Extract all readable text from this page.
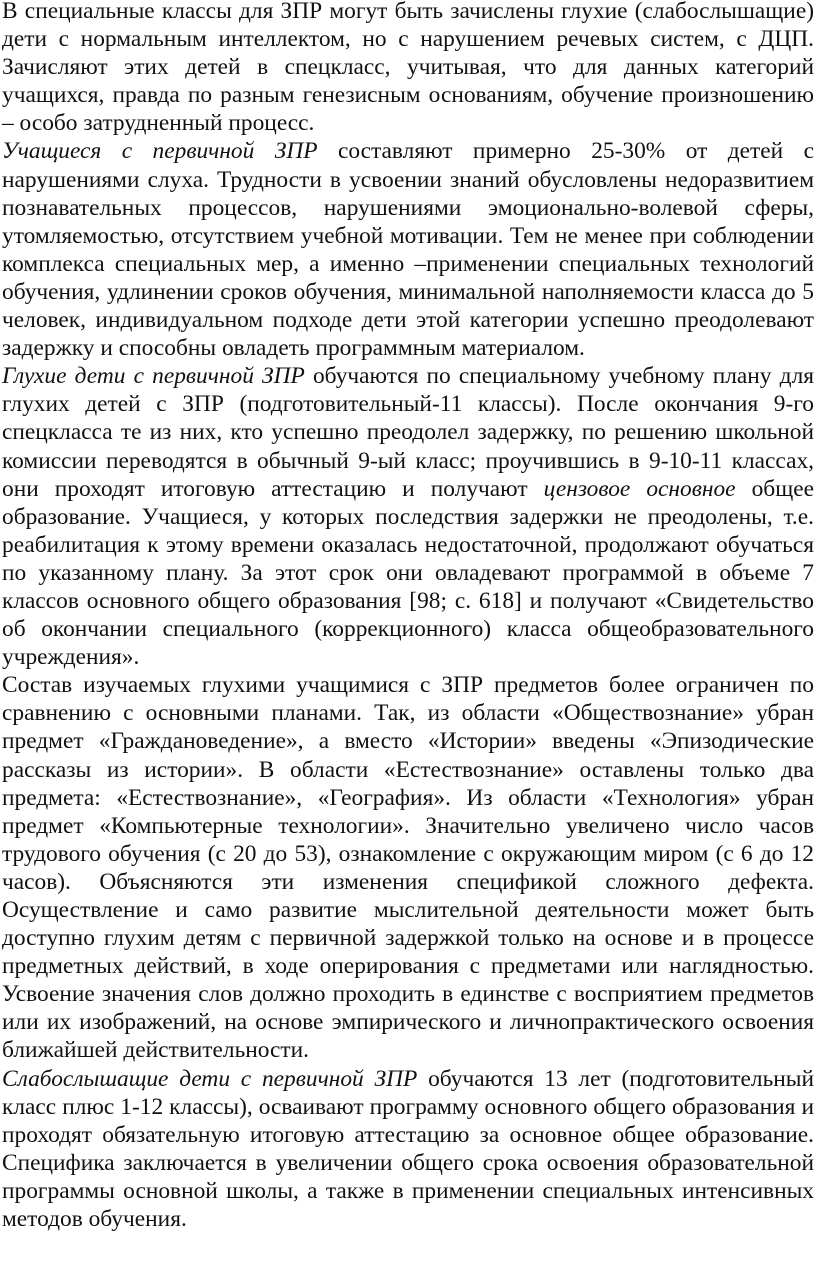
В специальные классы для ЗПР могут быть зачислены глухие (слабослышащие) дети с нормальным интеллектом, но с нарушением речевых систем, с ДЦП. Зачисляют этих детей в спецкласс, учитывая, что для данных категорий учащихся, правда по разным генезисным основаниям, обучение произношению – особо затрудненный процесс.

Учащиеся с первичной ЗПР составляют примерно 25-30% от детей с нарушениями слуха. Трудности в усвоении знаний обусловлены недоразвитием познавательных процессов, нарушениями эмоционально-волевой сферы, утомляемостью, отсутствием учебной мотивации. Тем не менее при соблюдении комплекса специальных мер, а именно –применении специальных технологий обучения, удлинении сроков обучения, минимальной наполняемости класса до 5 человек, индивидуальном подходе дети этой категории успешно преодолевают задержку и способны овладеть программным материалом.

Глухие дети с первичной ЗПР обучаются по специальному учебному плану для глухих детей с ЗПР (подготовительный-11 классы). После окончания 9-го спецкласса те из них, кто успешно преодолел задержку, по решению школьной комиссии переводятся в обычный 9-ый класс; проучившись в 9-10-11 классах, они проходят итоговую аттестацию и получают цензовое основное общее образование. Учащиеся, у которых последствия задержки не преодолены, т.е. реабилитация к этому времени оказалась недостаточной, продолжают обучаться по указанному плану. За этот срок они овладевают программой в объеме 7 классов основного общего образования [98; с. 618] и получают «Свидетельство об окончании специального (коррекционного) класса общеобразовательного учреждения».

Состав изучаемых глухими учащимися с ЗПР предметов более ограничен по сравнению с основными планами. Так, из области «Обществознание» убран предмет «Граждановедение», а вместо «Истории» введены «Эпизодические рассказы из истории». В области «Естествознание» оставлены только два предмета: «Естествознание», «География». Из области «Технология» убран предмет «Компьютерные технологии». Значительно увеличено число часов трудового обучения (с 20 до 53), ознакомление с окружающим миром (с 6 до 12 часов). Объясняются эти изменения спецификой сложного дефекта. Осуществление и само развитие мыслительной деятельности может быть доступно глухим детям с первичной задержкой только на основе и в процессе предметных действий, в ходе оперирования с предметами или наглядностью. Усвоение значения слов должно проходить в единстве с восприятием предметов или их изображений, на основе эмпирического и личнопрактического освоения ближайшей действительности.

Слабослышащие дети с первичной ЗПР обучаются 13 лет (подготовительный класс плюс 1-12 классы), осваивают программу основного общего образования и проходят обязательную итоговую аттестацию за основное общее образование. Специфика заключается в увеличении общего срока освоения образовательной программы основной школы, а также в применении специальных интенсивных методов обучения.
